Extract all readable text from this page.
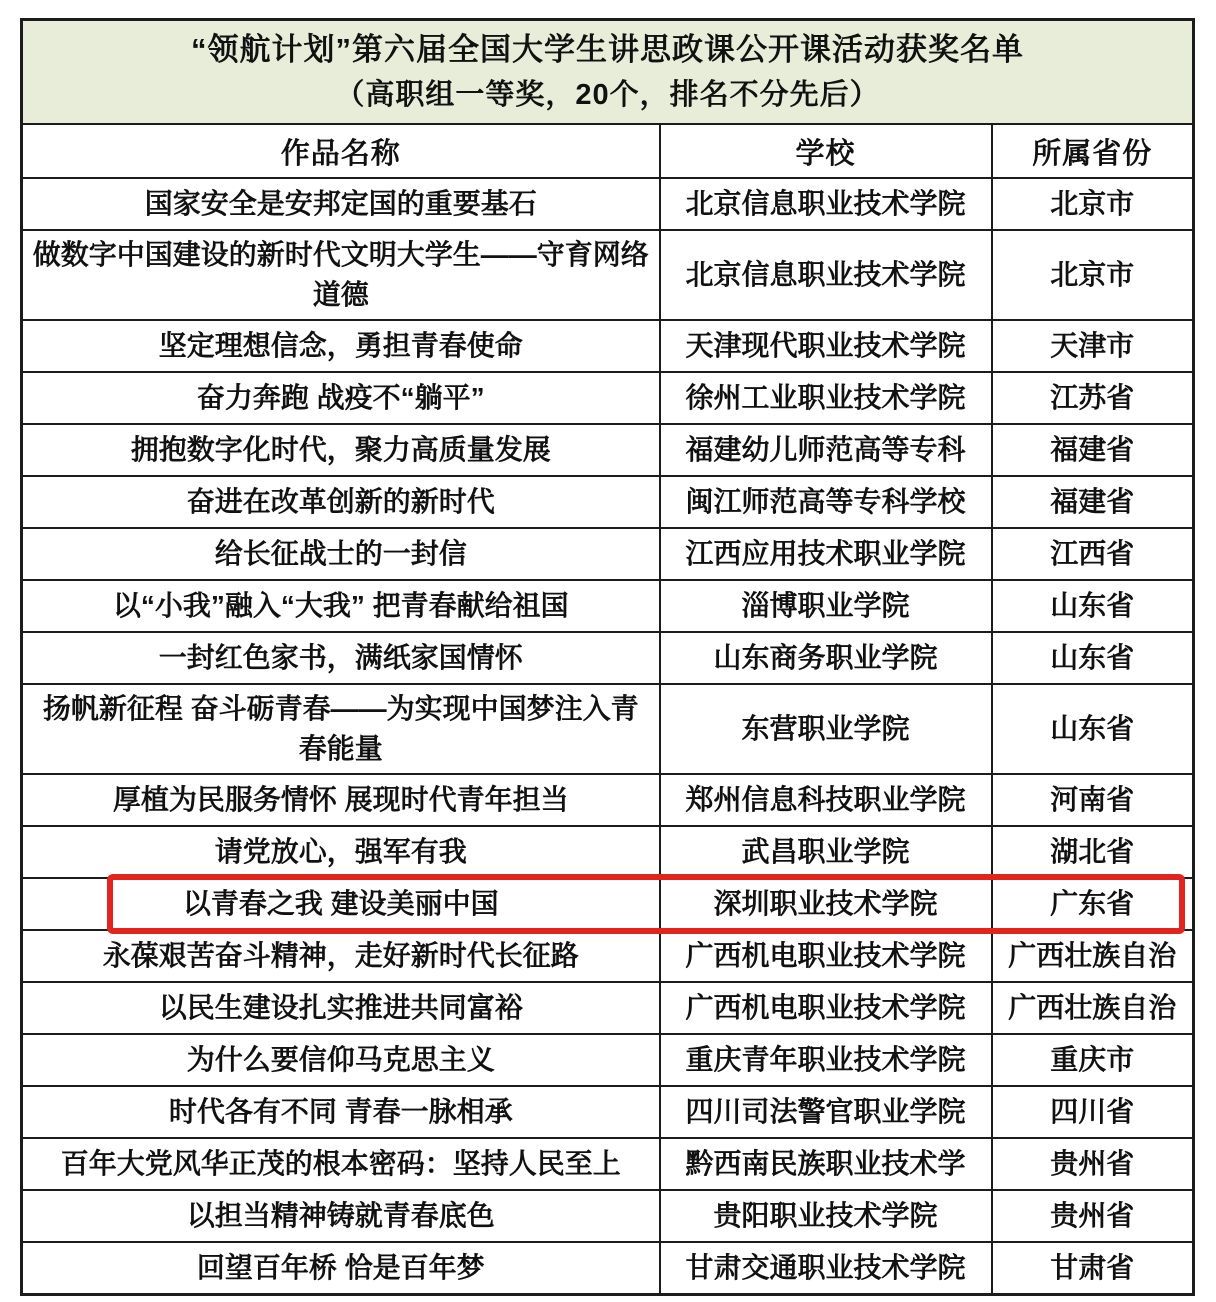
“领航计划”第六届全国大学生讲思政课公开课活动获奖名单
（高职组一等奖，20个，排名不分先后）		

作品名称	学校	所属省份
国家安全是安邦定国的重要基石	北京信息职业技术学院	北京市
做数字中国建设的新时代文明大学生——守育网络道德	北京信息职业技术学院	北京市
坚定理想信念，勇担青春使命	天津现代职业技术学院	天津市
奋力奔跑 战疫不“躺平”	徐州工业职业技术学院	江苏省
拥抱数字化时代，聚力高质量发展	福建幼儿师范高等专科	福建省
奋进在改革创新的新时代	闽江师范高等专科学校	福建省
给长征战士的一封信	江西应用技术职业学院	江西省
以“小我”融入“大我” 把青春献给祖国	淄博职业学院	山东省
一封红色家书，满纸家国情怀	山东商务职业学院	山东省
扬帆新征程 奋斗砺青春——为实现中国梦注入青春能量	东营职业学院	山东省
厚植为民服务情怀 展现时代青年担当	郑州信息科技职业学院	河南省
请党放心，强军有我	武昌职业学院	湖北省
以青春之我 建设美丽中国	深圳职业技术学院	广东省
永葆艰苦奋斗精神，走好新时代长征路	广西机电职业技术学院	广西壮族自治
以民生建设扎实推进共同富裕	广西机电职业技术学院	广西壮族自治
为什么要信仰马克思主义	重庆青年职业技术学院	重庆市
时代各有不同 青春一脉相承	四川司法警官职业学院	四川省
百年大党风华正茂的根本密码：坚持人民至上	黔西南民族职业技术学	贵州省
以担当精神铸就青春底色	贵阳职业技术学院	贵州省
回望百年桥 恰是百年梦	甘肃交通职业技术学院	甘肃省
